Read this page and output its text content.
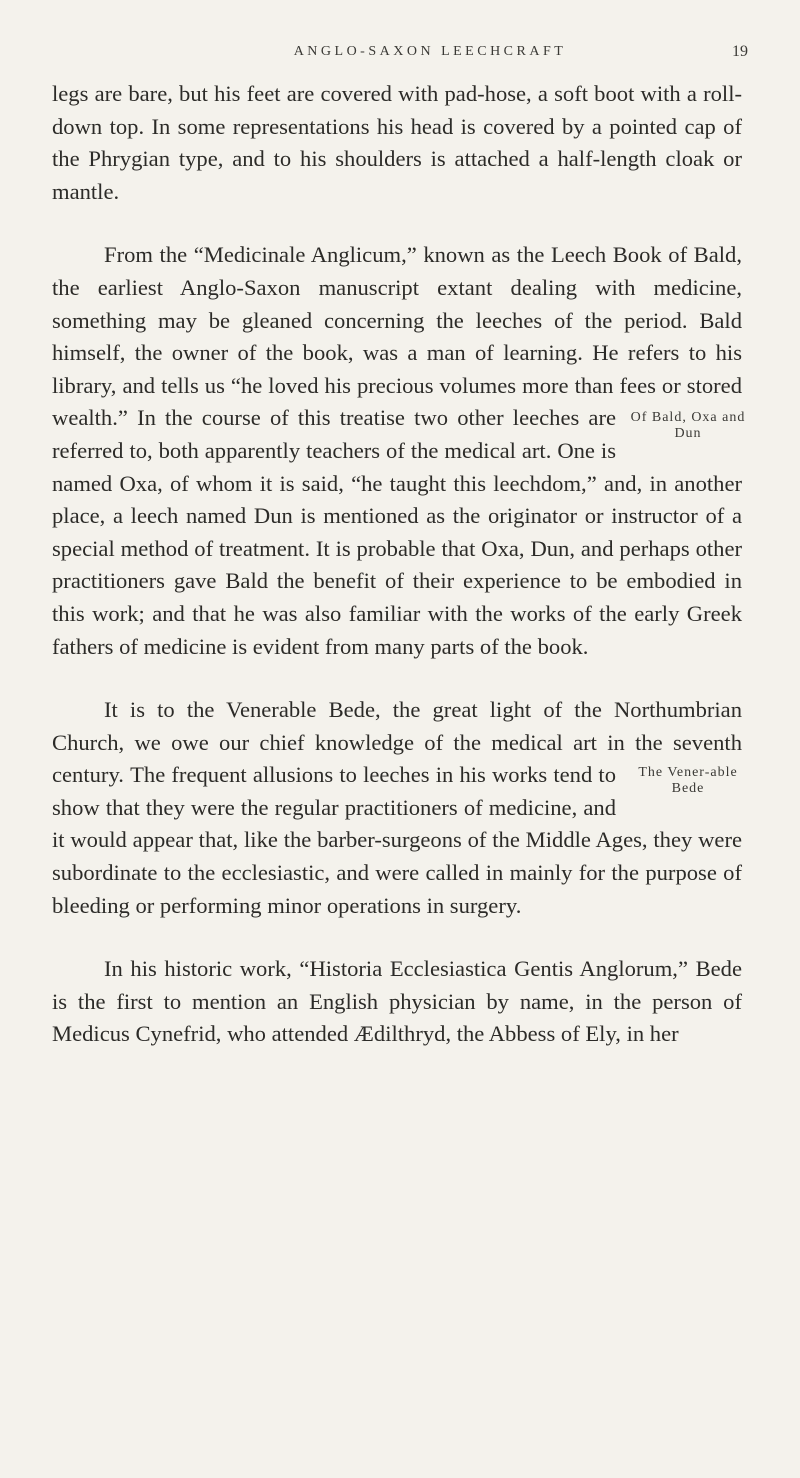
ANGLO-SAXON LEECHCRAFT	19

legs are bare, but his feet are covered with pad-hose, a soft boot with a roll-down top. In some representations his head is covered by a pointed cap of the Phrygian type, and to his shoulders is attached a half-length cloak or mantle.

From the “Medicinale Anglicum,” known as the Leech Book of Bald, the earliest Anglo-Saxon manuscript extant dealing with medicine, something may be gleaned concerning the leeches of the period. Bald himself, the owner of the book, was a man of learning. He refers to his library, and tells us “he loved his precious volumes more than fees or stored wealth.” In the course of this treatise two	Of Bald, Oxa and Dun
other leeches are referred to, both apparently teachers of the medical art. One is named Oxa, of whom it is said, “he taught this leechdom,” and, in another place, a leech named Dun is mentioned as the originator or instructor of a special method of treatment. It is probable that Oxa, Dun, and perhaps other practitioners gave Bald the benefit of their experience to be embodied in this work; and that he was also familiar with the works of the early Greek fathers of medicine is evident from many parts of the book.

It is to the Venerable Bede, the great light of the Northumbrian Church, we owe our chief knowledge of the medical art in the seventh century.	The Vener-able Bede
The frequent allusions to leeches in his works tend to show that they were the regular practitioners of medicine, and it would appear that, like the barber-surgeons of the Middle Ages, they were subordinate to the ecclesiastic, and were called in mainly for the purpose of bleeding or performing minor operations in surgery.

In his historic work, “Historia Ecclesiastica Gentis Anglorum,” Bede is the first to mention an English physician by name, in the person of Medicus Cynefrid, who attended Ædilthryd, the Abbess of Ely, in her
